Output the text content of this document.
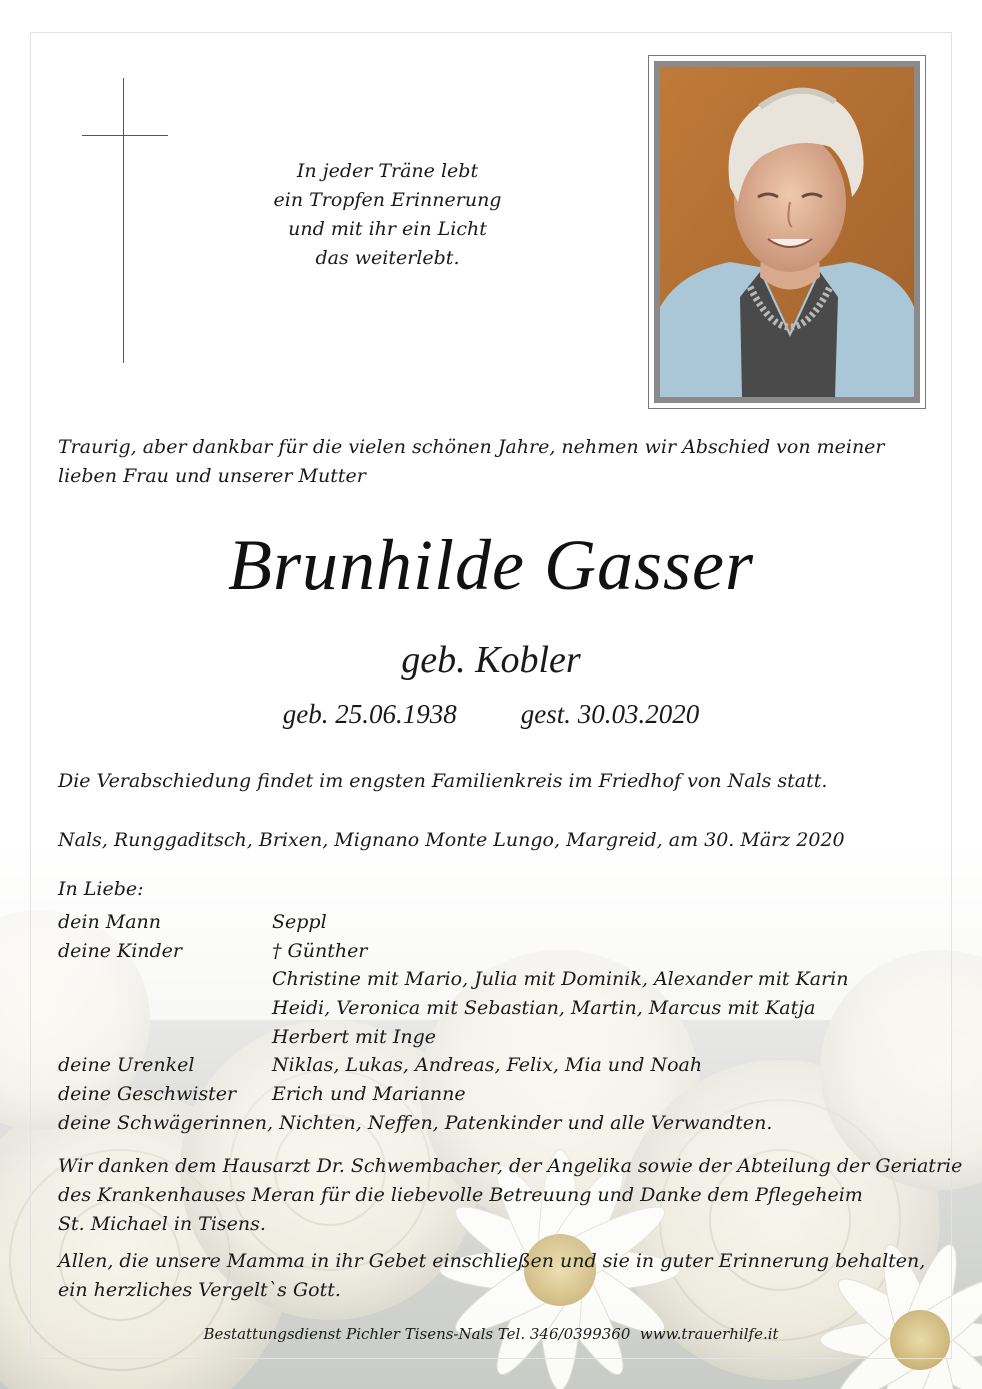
In jeder Träne lebt
ein Tropfen Erinnerung
und mit ihr ein Licht
das weiterlebt.
Traurig, aber dankbar für die vielen schönen Jahre, nehmen wir Abschied von meiner
lieben Frau und unserer Mutter
Brunhilde Gasser
geb. Kobler
geb. 25.06.1938 gest. 30.03.2020
Die Verabschiedung findet im engsten Familienkreis im Friedhof von Nals statt.
Nals, Runggaditsch, Brixen, Mignano Monte Lungo, Margreid, am 30. März 2020
In Liebe:
dein Mann	Seppl
deine Kinder	† Günther
Christine mit Mario, Julia mit Dominik, Alexander mit Karin
Heidi, Veronica mit Sebastian, Martin, Marcus mit Katja
Herbert mit Inge
deine Urenkel	Niklas, Lukas, Andreas, Felix, Mia und Noah
deine Geschwister Erich und Marianne
deine Schwägerinnen, Nichten, Neffen, Patenkinder und alle Verwandten.
Wir danken dem Hausarzt Dr. Schwembacher, der Angelika sowie der Abteilung der Geriatrie
des Krankenhauses Meran für die liebevolle Betreuung und Danke dem Pflegeheim
St. Michael in Tisens.
Allen, die unsere Mamma in ihr Gebet einschließen und sie in guter Erinnerung behalten,
ein herzliches Vergelt`s Gott.
Bestattungsdienst Pichler Tisens-Nals Tel. 346/0399360  www.trauerhilfe.it
